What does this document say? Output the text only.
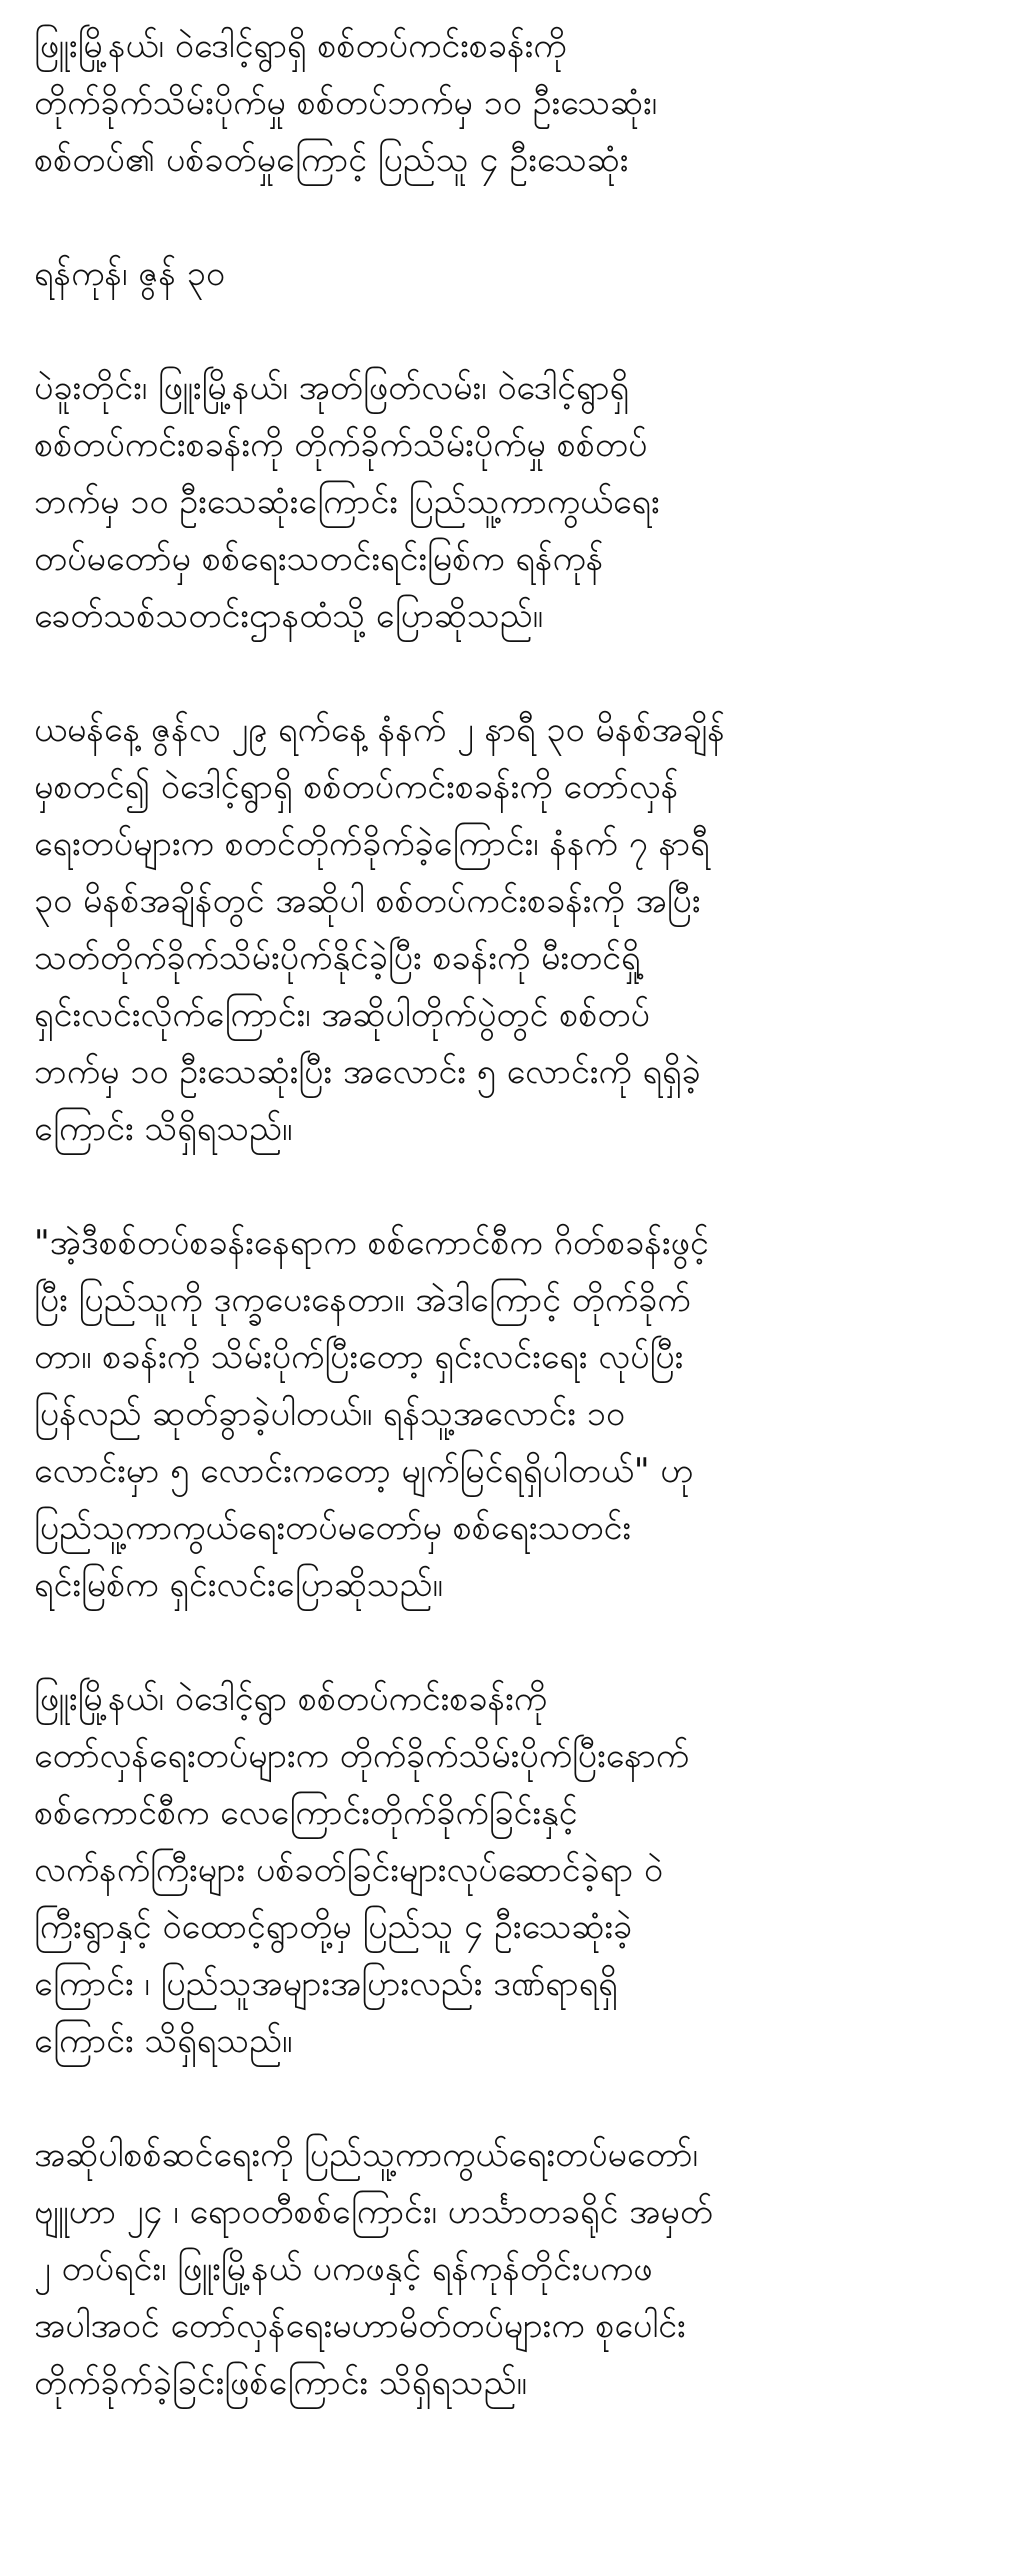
ဖြူးမြို့နယ်၊ ဝဲဒေါင့်ရွာရှိ စစ်တပ်ကင်းစခန်းကို
တိုက်ခိုက်သိမ်းပိုက်မှု စစ်တပ်ဘက်မှ ၁၀ ဦးသေဆုံး၊
စစ်တပ်၏ ပစ်ခတ်မှုကြောင့် ပြည်သူ ၄ ဦးသေဆုံး
ရန်ကုန်၊ ဇွန် ၃၀
ပဲခူးတိုင်း၊ ဖြူးမြို့နယ်၊ အုတ်ဖြတ်လမ်း၊ ဝဲဒေါင့်ရွာရှိ
စစ်တပ်ကင်းစခန်းကို တိုက်ခိုက်သိမ်းပိုက်မှု စစ်တပ်
ဘက်မှ ၁၀ ဦးသေဆုံးကြောင်း ပြည်သူ့ကာကွယ်ရေး
တပ်မတော်မှ စစ်ရေးသတင်းရင်းမြစ်က ရန်ကုန်
ခေတ်သစ်သတင်းဌာနထံသို့ ပြောဆိုသည်။
ယမန်နေ့ ဇွန်လ ၂၉ ရက်နေ့ နံနက် ၂ နာရီ ၃၀ မိနစ်အချိန်
မှစတင်၍ ဝဲဒေါင့်ရွာရှိ စစ်တပ်ကင်းစခန်းကို တော်လှန်
ရေးတပ်များက စတင်တိုက်ခိုက်ခဲ့ကြောင်း၊ နံနက် ၇ နာရီ
၃၀ မိနစ်အချိန်တွင် အဆိုပါ စစ်တပ်ကင်းစခန်းကို အပြီး
သတ်တိုက်ခိုက်သိမ်းပိုက်နိုင်ခဲ့ပြီး စခန်းကို မီးတင်ရှို့
ရှင်းလင်းလိုက်ကြောင်း၊ အဆိုပါတိုက်ပွဲတွင် စစ်တပ်
ဘက်မှ ၁၀ ဦးသေဆုံးပြီး အလောင်း ၅ လောင်းကို ရရှိခဲ့
ကြောင်း သိရှိရသည်။
"အဲ့ဒီစစ်တပ်စခန်းနေရာက စစ်ကောင်စီက ဂိတ်စခန်းဖွင့်
ပြီး ပြည်သူကို ဒုက္ခပေးနေတာ။ အဲဒါကြောင့် တိုက်ခိုက်
တာ။ စခန်းကို သိမ်းပိုက်ပြီးတော့ ရှင်းလင်းရေး လုပ်ပြီး
ပြန်လည် ဆုတ်ခွာခဲ့ပါတယ်။ ရန်သူ့အလောင်း ၁၀
လောင်းမှာ ၅ လောင်းကတော့ မျက်မြင်ရရှိပါတယ်" ဟု
ပြည်သူ့ကာကွယ်ရေးတပ်မတော်မှ စစ်ရေးသတင်း
ရင်းမြစ်က ရှင်းလင်းပြောဆိုသည်။
ဖြူးမြို့နယ်၊ ဝဲဒေါင့်ရွာ စစ်တပ်ကင်းစခန်းကို
တော်လှန်ရေးတပ်များက တိုက်ခိုက်သိမ်းပိုက်ပြီးနောက်
စစ်ကောင်စီက လေကြောင်းတိုက်ခိုက်ခြင်းနှင့်
လက်နက်ကြီးများ ပစ်ခတ်ခြင်းများလုပ်ဆောင်ခဲ့ရာ ဝဲ
ကြီးရွာနှင့် ဝဲထောင့်ရွာတို့မှ ပြည်သူ ၄ ဦးသေဆုံးခဲ့
ကြောင်း ၊ ပြည်သူအများအပြားလည်း ဒဏ်ရာရရှိ
ကြောင်း သိရှိရသည်။
အဆိုပါစစ်ဆင်ရေးကို ပြည်သူ့ကာကွယ်ရေးတပ်မတော်၊
ဗျူဟာ ၂၄ ၊ ရောဝတီစစ်ကြောင်း၊ ဟင်္သာတခရိုင် အမှတ်
၂ တပ်ရင်း၊ ဖြူးမြို့နယ် ပကဖနှင့် ရန်ကုန်တိုင်းပကဖ
အပါအဝင် တော်လှန်ရေးမဟာမိတ်တပ်များက စုပေါင်း
တိုက်ခိုက်ခဲ့ခြင်းဖြစ်ကြောင်း သိရှိရသည်။
